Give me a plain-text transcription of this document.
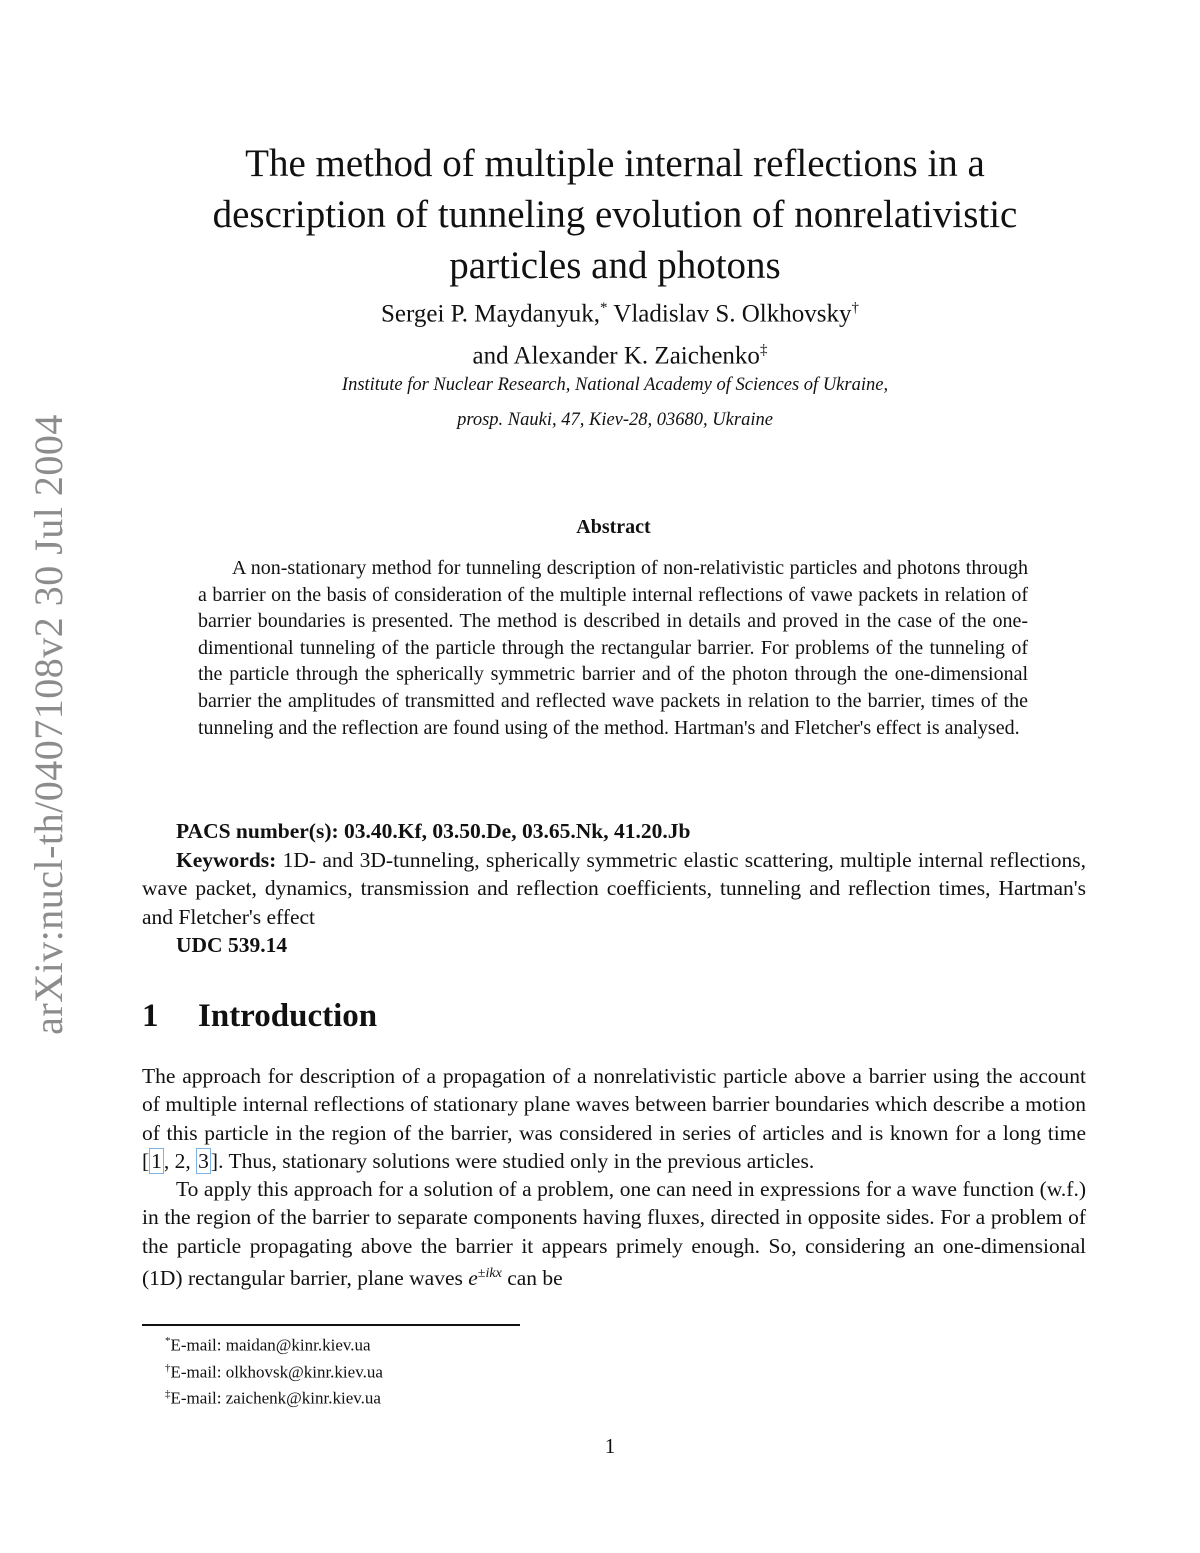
arXiv:nucl-th/0407108v2 30 Jul 2004
The method of multiple internal reflections in a description of tunneling evolution of nonrelativistic particles and photons
Sergei P. Maydanyuk,* Vladislav S. Olkhovsky†
and Alexander K. Zaichenko‡
Institute for Nuclear Research, National Academy of Sciences of Ukraine,
prosp. Nauki, 47, Kiev-28, 03680, Ukraine
Abstract

A non-stationary method for tunneling description of non-relativistic particles and photons through a barrier on the basis of consideration of the multiple internal reflections of vawe packets in relation of barrier boundaries is presented. The method is described in details and proved in the case of the one-dimentional tunneling of the particle through the rectangular barrier. For problems of the tunneling of the particle through the spherically symmetric barrier and of the photon through the one-dimensional barrier the amplitudes of transmitted and reflected wave packets in relation to the barrier, times of the tunneling and the reflection are found using of the method. Hartman's and Fletcher's effect is analysed.

PACS number(s): 03.40.Kf, 03.50.De, 03.65.Nk, 41.20.Jb

Keywords: 1D- and 3D-tunneling, spherically symmetric elastic scattering, multiple internal reflections, wave packet, dynamics, transmission and reflection coefficients, tunneling and reflection times, Hartman's and Fletcher's effect

UDC 539.14

1 Introduction

The approach for description of a propagation of a nonrelativistic particle above a barrier using the account of multiple internal reflections of stationary plane waves between barrier boundaries which describe a motion of this particle in the region of the barrier, was considered in series of articles and is known for a long time [1, 2, 3]. Thus, stationary solutions were studied only in the previous articles.

To apply this approach for a solution of a problem, one can need in expressions for a wave function (w.f.) in the region of the barrier to separate components having fluxes, directed in opposite sides. For a problem of the particle propagating above the barrier it appears primely enough. So, considering an one-dimensional (1D) rectangular barrier, plane waves $e^{\pm ikx}$ can be

*E-mail: maidan@kinr.kiev.ua
†E-mail: olkhovsk@kinr.kiev.ua
‡E-mail: zaichenk@kinr.kiev.ua
1
